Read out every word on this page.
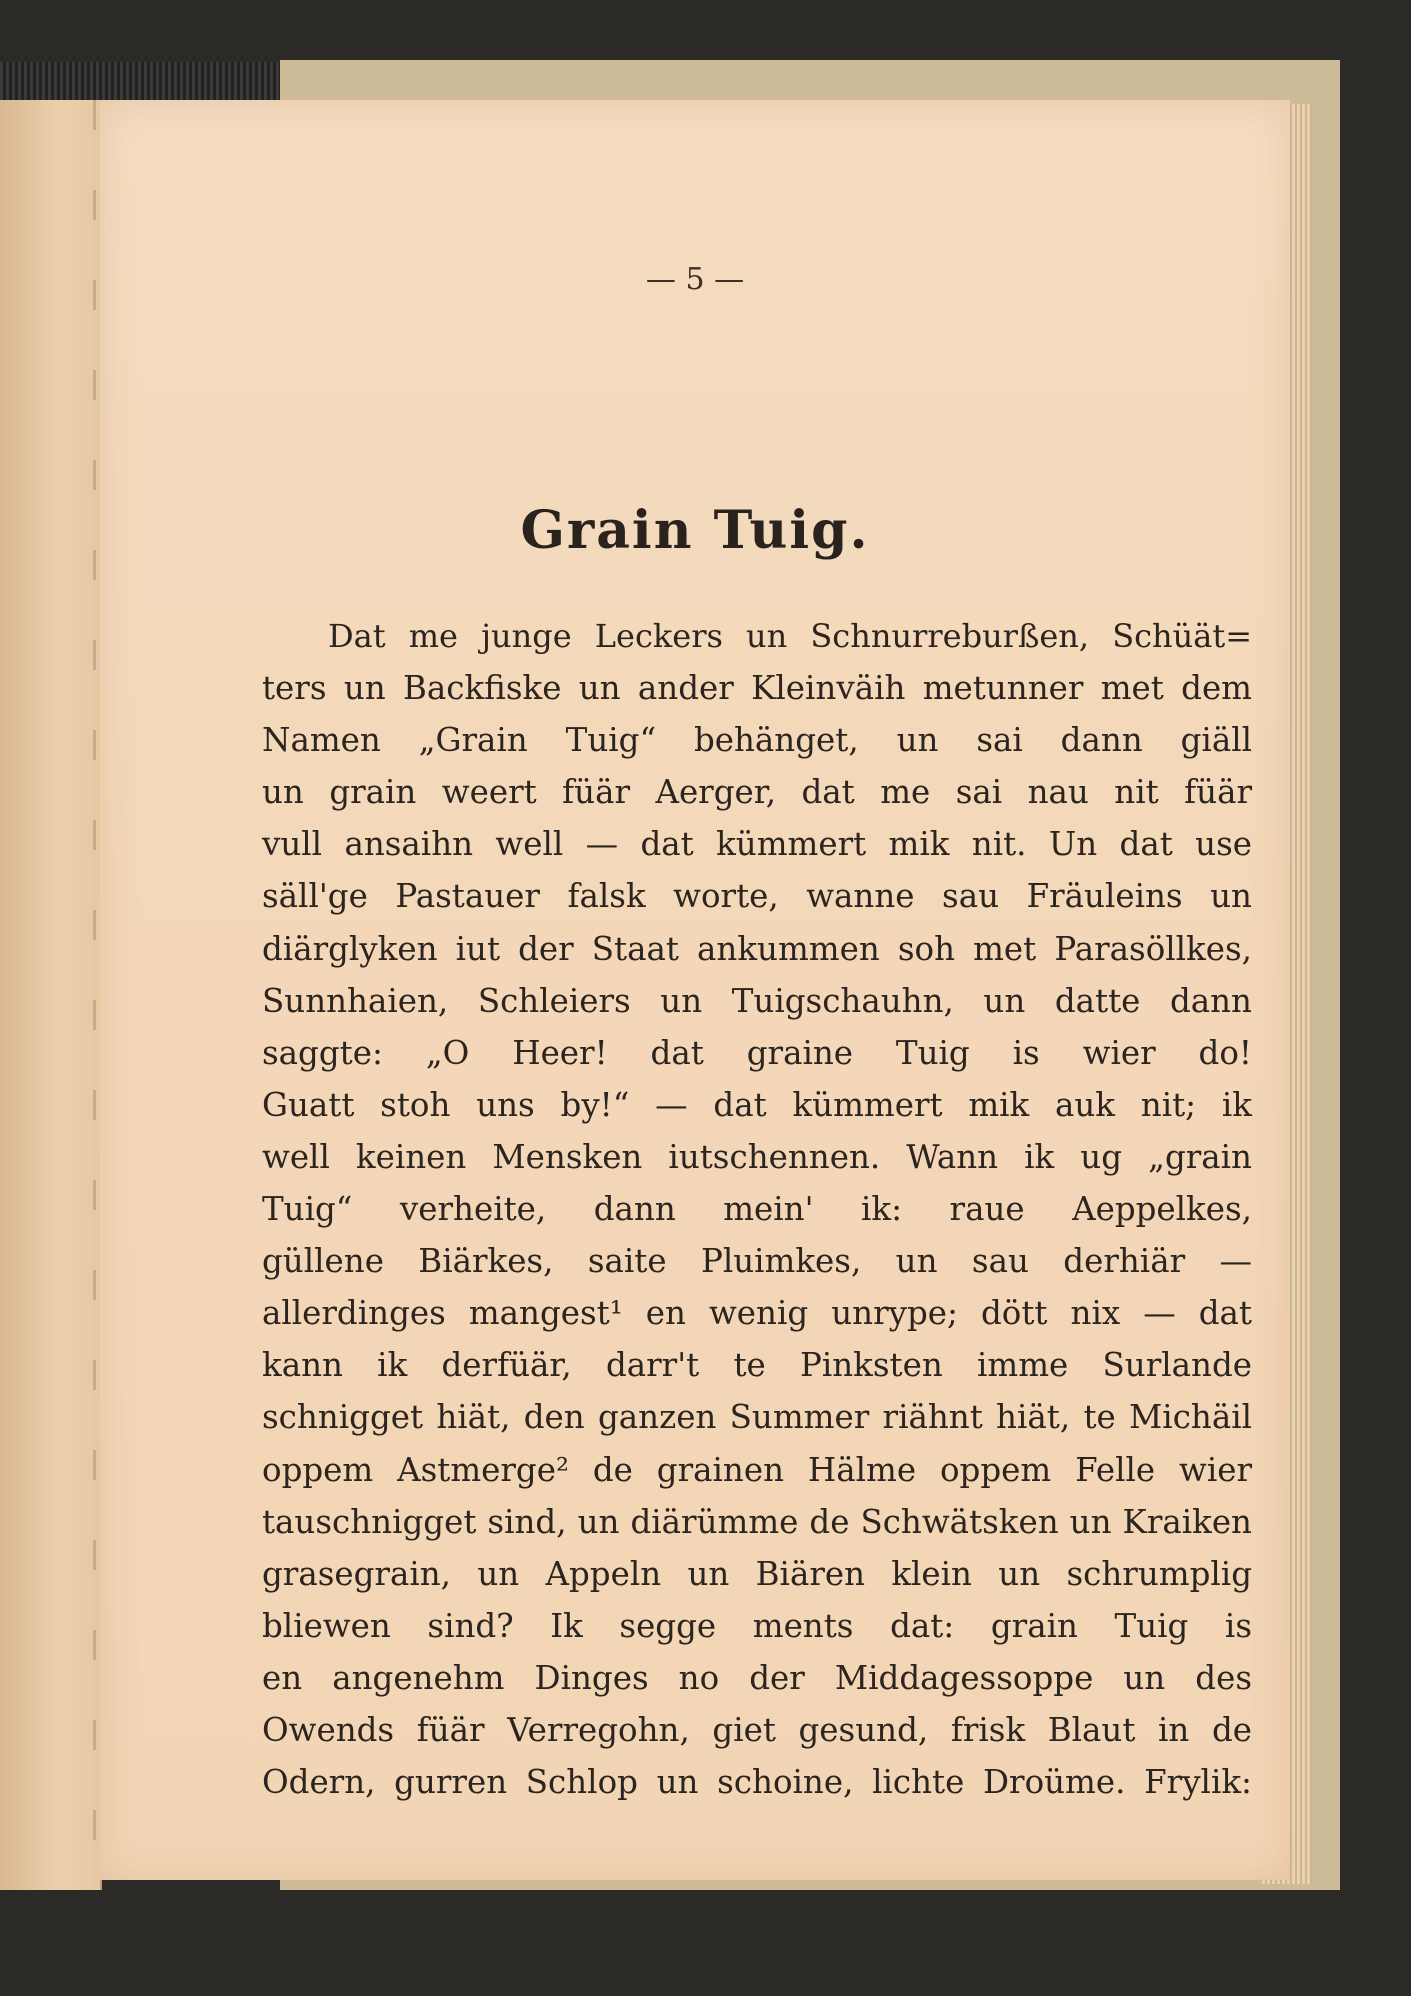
— 5 —
Grain Tuig.
Dat me junge Leckers un Schnurreburßen, Schüät=
ters un Backfiske un ander Kleinväih metunner met dem
Namen „Grain Tuig“ behänget, un sai dann giäll
un grain weert füär Aerger, dat me sai nau nit füär
vull ansaihn well — dat kümmert mik nit. Un dat use
säll'ge Pastauer falsk worte, wanne sau Fräuleins un
diärglyken iut der Staat ankummen soh met Parasöllkes,
Sunnhaien, Schleiers un Tuigschauhn, un datte dann
saggte: „O Heer! dat graine Tuig is wier do!
Guatt stoh uns by!“ — dat kümmert mik auk nit; ik
well keinen Mensken iutschennen. Wann ik ug „grain
Tuig“ verheite, dann mein' ik: raue Aeppelkes,
güllene Biärkes, saite Pluimkes, un sau derhiär —
allerdinges mangest¹ en wenig unrype; dött nix — dat
kann ik derfüär, darr't te Pinksten imme Surlande
schnigget hiät, den ganzen Summer riähnt hiät, te Michäil
oppem Astmerge² de grainen Hälme oppem Felle wier
tauschnigget sind, un diärümme de Schwätsken un Kraiken
grasegrain, un Appeln un Biären klein un schrumplig
bliewen sind? Ik segge ments dat: grain Tuig is
en angenehm Dinges no der Middagessoppe un des
Owends füär Verregohn, giet gesund, frisk Blaut in de
Odern, gurren Schlop un schoine, lichte Droüme. Frylik:
